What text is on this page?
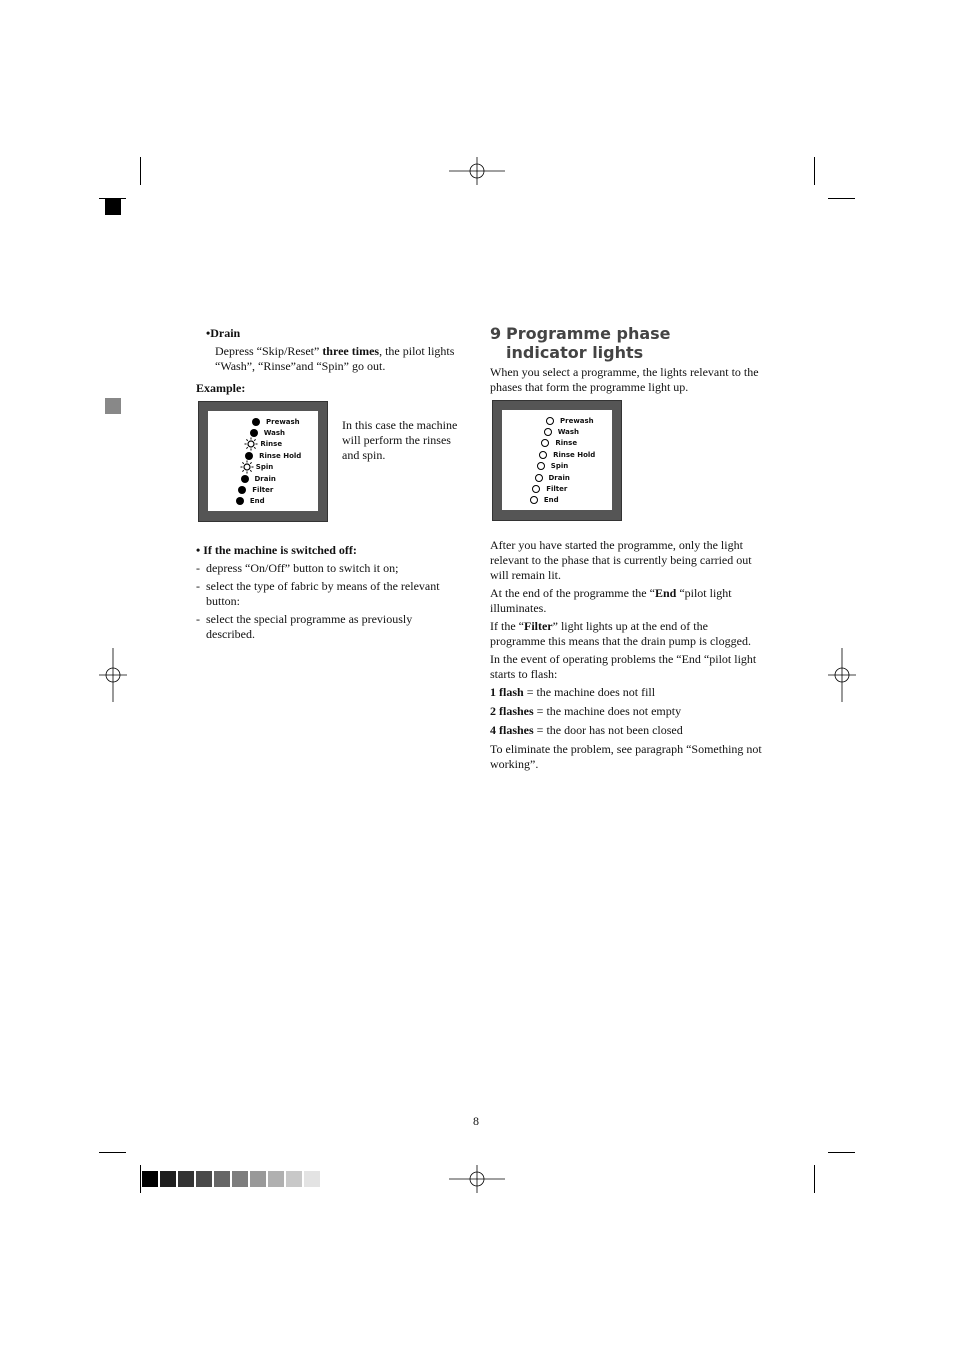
•Drain

Depress “Skip/Reset” three times, the pilot lights “Wash”, “Rinse”and “Spin” go out.

Example:
Prewash
Wash
Rinse
Rinse Hold
Spin
Drain
Filter
End

In this case the machine will perform the rinses and spin.

• If the machine is switched off:
- depress “On/Off” button to switch it on;
- select the type of fabric by means of the relevant button:
- select the special programme as previously described.
9 Programme phase indicator lights

When you select a programme, the lights relevant to the phases that form the programme light up.

Prewash
Wash
Rinse
Rinse Hold
Spin
Drain
Filter
End

After you have started the programme, only the light relevant to the phase that is currently being carried out will remain lit.

At the end of the programme the “End “pilot light illuminates.

If the “Filter” light lights up at the end of the programme this means that the drain pump is clogged.

In the event of operating problems the “End “pilot light starts to flash:

1 flash = the machine does not fill

2 flashes = the machine does not empty

4 flashes = the door has not been closed

To eliminate the problem, see paragraph “Something not working”.

8
